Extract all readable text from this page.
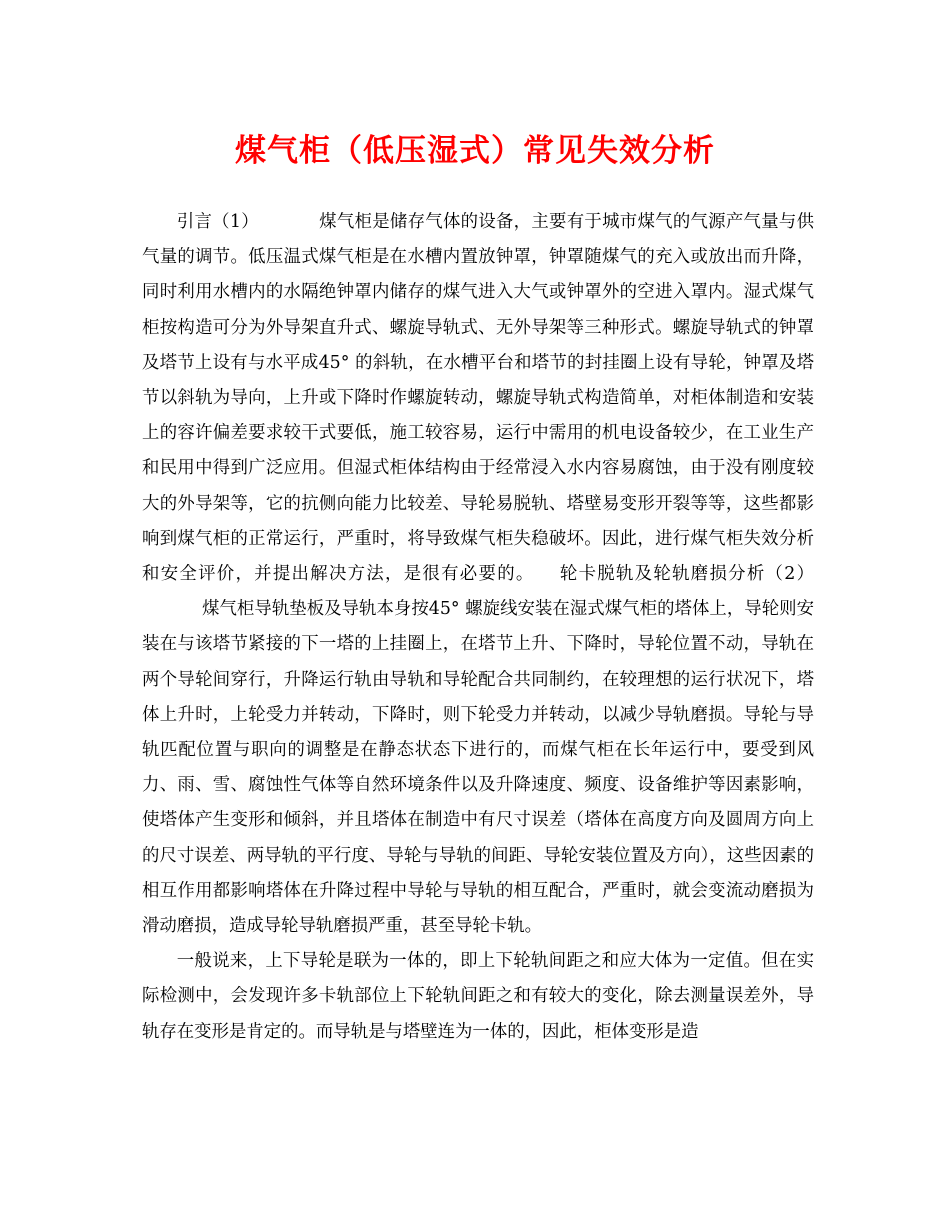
煤气柜（低压湿式）常见失效分析

引言（1）	煤气柜是储存气体的设备，主要有于城市煤气的气源产气量与供气量的调节。低压温式煤气柜是在水槽内置放钟罩，钟罩随煤气的充入或放出而升降，同时利用水槽内的水隔绝钟罩内储存的煤气进入大气或钟罩外的空进入罩内。湿式煤气柜按构造可分为外导架直升式、螺旋导轨式、无外导架等三种形式。螺旋导轨式的钟罩及塔节上设有与水平成45° 的斜轨，在水槽平台和塔节的封挂圈上设有导轮，钟罩及塔节以斜轨为导向，上升或下降时作螺旋转动，螺旋导轨式构造简单，对柜体制造和安装上的容许偏差要求较干式要低，施工较容易，运行中需用的机电设备较少，在工业生产和民用中得到广泛应用。但湿式柜体结构由于经常浸入水内容易腐蚀，由于没有刚度较大的外导架等，它的抗侧向能力比较差、导轮易脱轨、塔壁易变形开裂等等，这些都影响到煤气柜的正常运行，严重时，将导致煤气柜失稳破坏。因此，进行煤气柜失效分析和安全评价，并提出解决方法，是很有必要的。 轮卡脱轨及轮轨磨损分析（2）煤气柜导轨垫板及导轨本身按45° 螺旋线安装在湿式煤气柜的塔体上，导轮则安装在与该塔节紧接的下一塔的上挂圈上，在塔节上升、下降时，导轮位置不动，导轨在两个导轮间穿行，升降运行轨由导轨和导轮配合共同制约，在较理想的运行状况下，塔体上升时，上轮受力并转动，下降时，则下轮受力并转动，以减少导轨磨损。导轮与导轨匹配位置与职向的调整是在静态状态下进行的，而煤气柜在长年运行中，要受到风力、雨、雪、腐蚀性气体等自然环境条件以及升降速度、频度、设备维护等因素影响，使塔体产生变形和倾斜，并且塔体在制造中有尺寸误差（塔体在高度方向及圆周方向上的尺寸误差、两导轨的平行度、导轮与导轨的间距、导轮安装位置及方向），这些因素的相互作用都影响塔体在升降过程中导轮与导轨的相互配合，严重时，就会变流动磨损为滑动磨损，造成导轮导轨磨损严重，甚至导轮卡轨。

一般说来，上下导轮是联为一体的，即上下轮轨间距之和应大体为一定值。但在实际检测中，会发现许多卡轨部位上下轮轨间距之和有较大的变化，除去测量误差外，导轨存在变形是肯定的。而导轨是与塔壁连为一体的，因此，柜体变形是造
